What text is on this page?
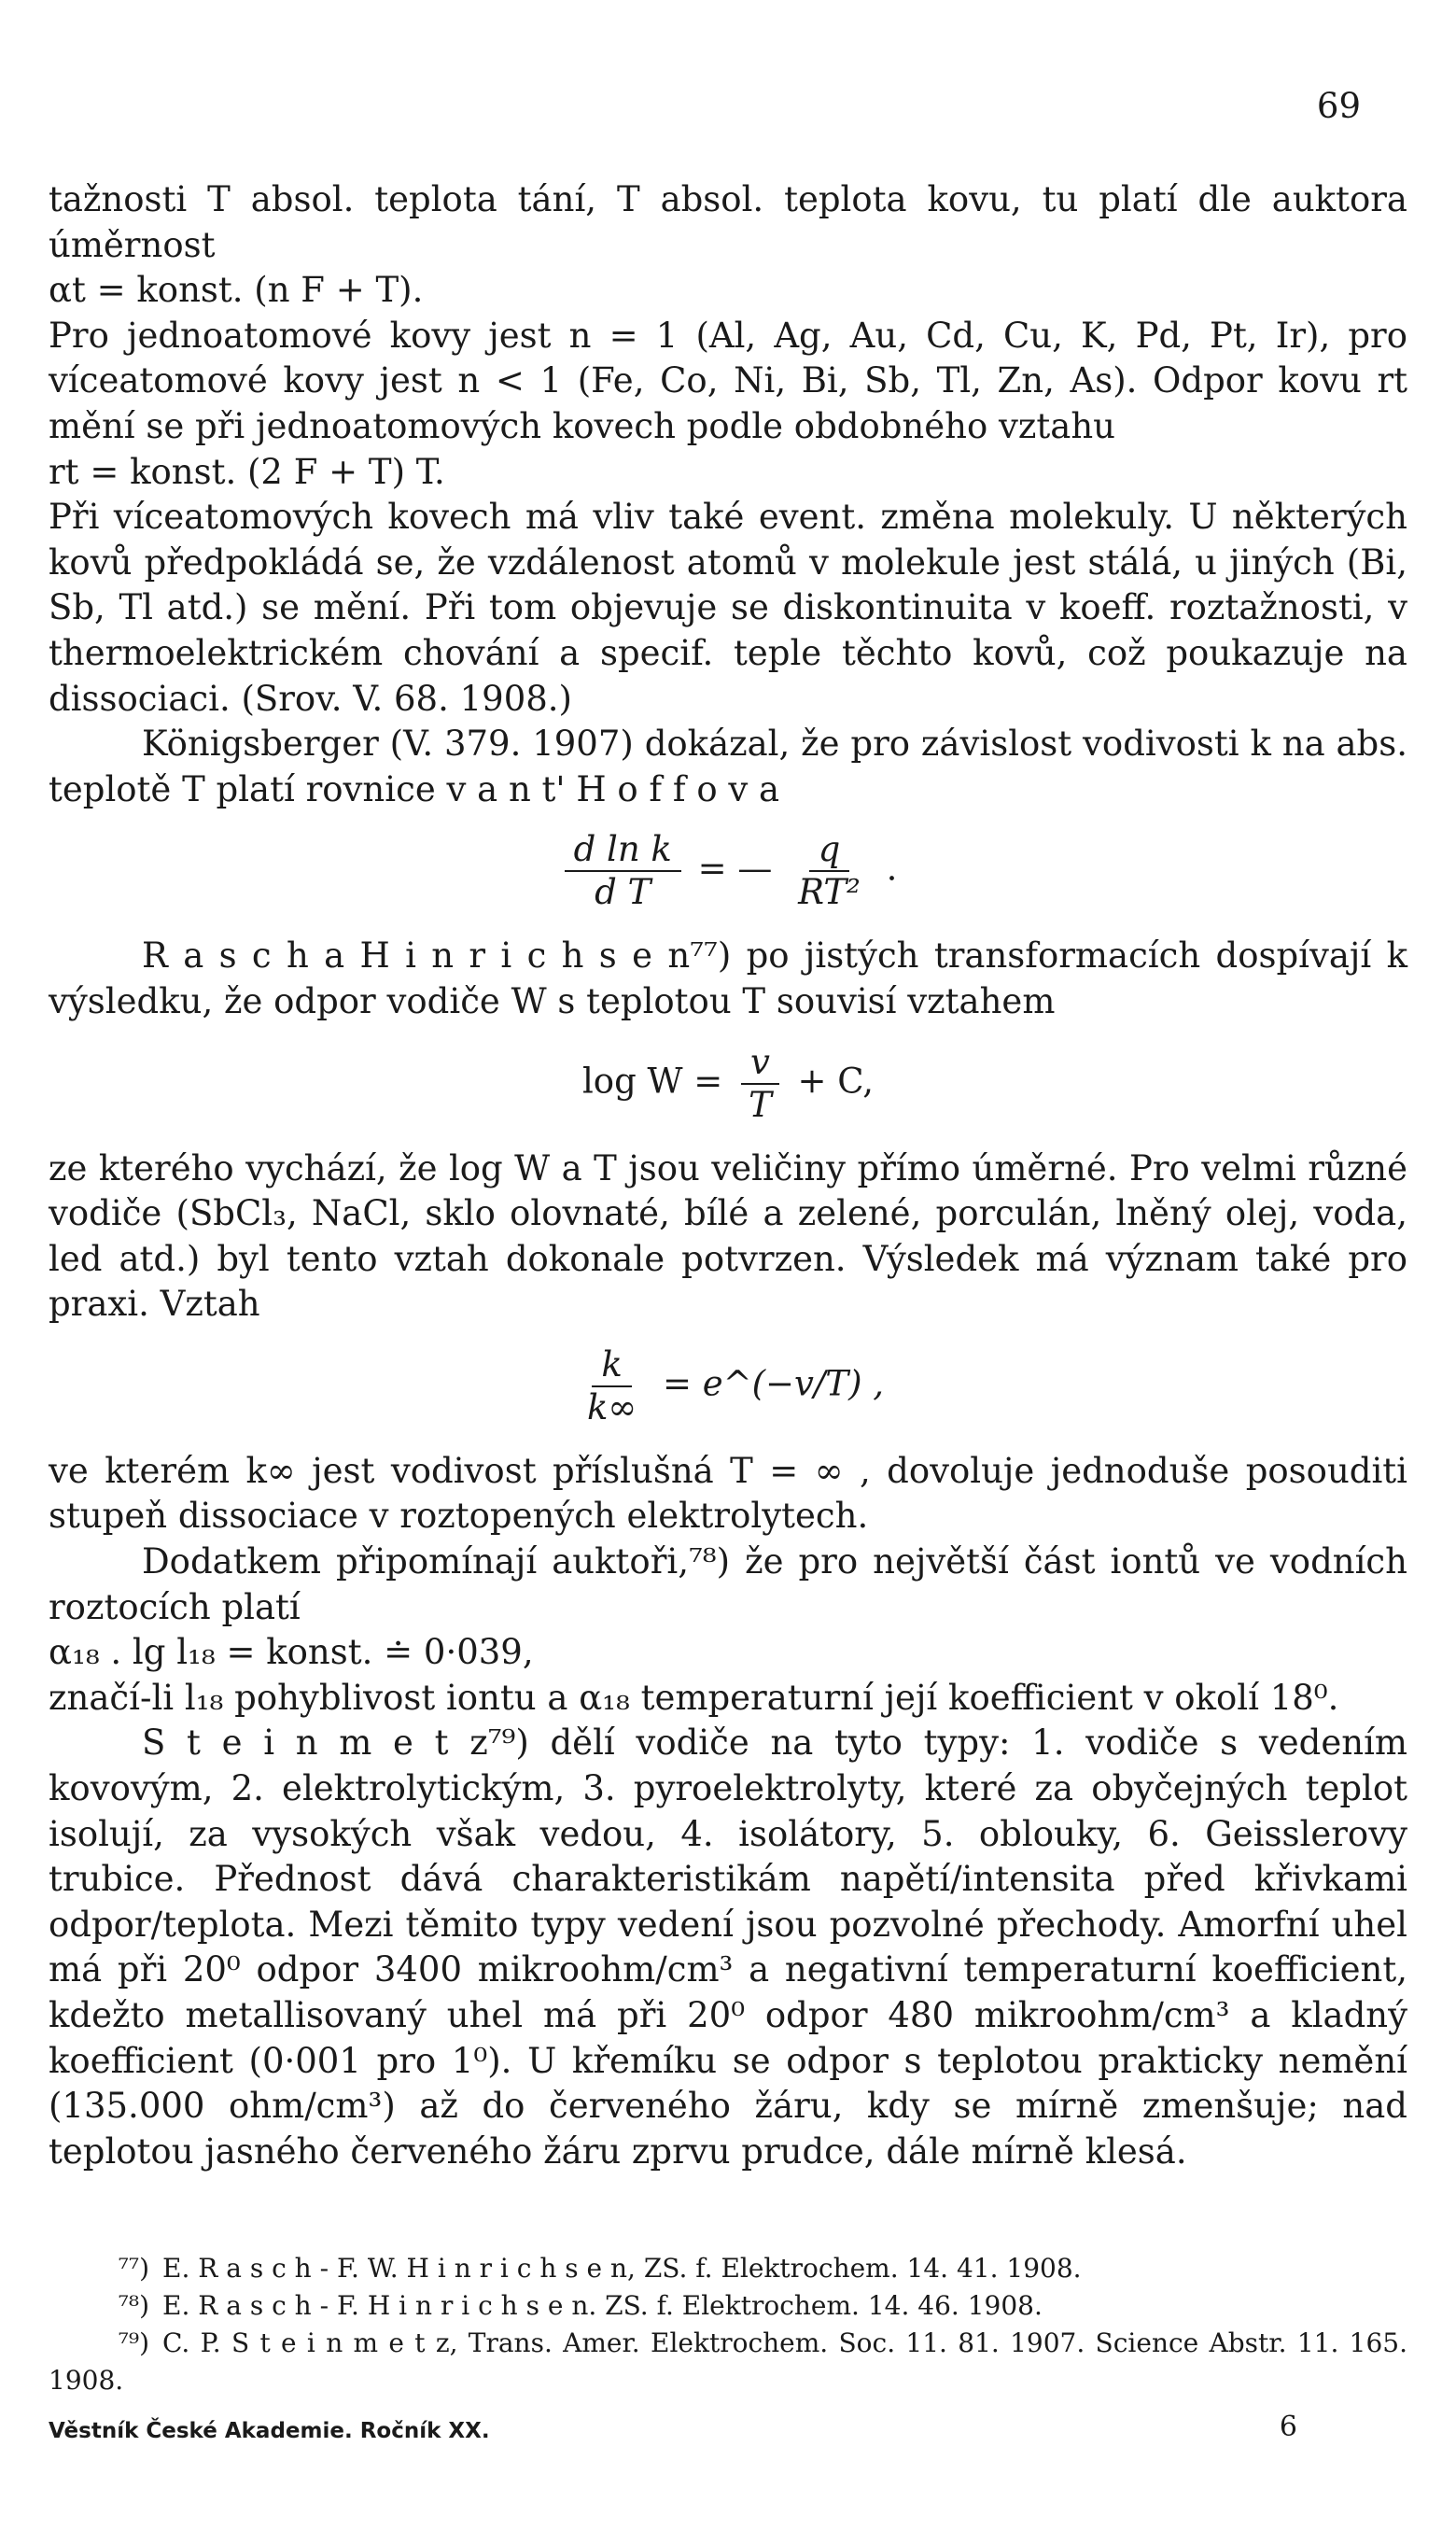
69

tažnosti T absol. teplota tání, T absol. teplota kovu, tu platí dle auktora úměrnost

αt = konst. (n F + T).

Pro jednoatomové kovy jest n = 1 (Al, Ag, Au, Cd, Cu, K, Pd, Pt, Ir), pro víceatomové kovy jest n < 1 (Fe, Co, Ni, Bi, Sb, Tl, Zn, As). Odpor kovu rt mění se při jednoatomových kovech podle obdobného vztahu

rt = konst. (2 F + T) T.

Při víceatomových kovech má vliv také event. změna molekuly. U některých kovů předpokládá se, že vzdálenost atomů v molekule jest stálá, u jiných (Bi, Sb, Tl atd.) se mění. Při tom objevuje se diskontinuita v koeff. roztažnosti, v thermoelektrickém chování a specif. teple těchto kovů, což poukazuje na dissociaci. (Srov. V. 68. 1908.)

Königsberger (V. 379. 1907) dokázal, že pro závislost vodivosti k na abs. teplotě T platí rovnice v a n t' H o f f o v a

$\frac{\text{d ln k}}{\text{d T}}$ = — $\frac{q}{\text{RT²}}$ .

R a s c h a H i n r i c h s e n⁷⁷) po jistých transformacích dospívají k výsledku, že odpor vodiče W s teplotou T souvisí vztahem

$\log W = \frac{v}{T} + C$,

ze kterého vychází, že log W a T jsou veličiny přímo úměrné. Pro velmi různé vodiče (SbCl₃, NaCl, sklo olovnaté, bílé a zelené, porculán, lněný olej, voda, led atd.) byl tento vztah dokonale potvrzen. Výsledek má význam také pro praxi. Vztah

$\frac{k}{k\infty}$ = e^(−v/T) ,

ve kterém k∞ jest vodivost příslušná T = ∞ , dovoluje jednoduše posouditi stupeň dissociace v roztopených elektrolytech.

Dodatkem připomínají auktoři,⁷⁸) že pro největší část iontů ve vodních roztocích platí

α₁₈ . lg l₁₈ = konst. ≐ 0·039,

značí-li l₁₈ pohyblivost iontu a α₁₈ temperaturní její koefficient v okolí 18⁰.

S t e i n m e t z⁷⁹) dělí vodiče na tyto typy: 1. vodiče s vedením kovovým, 2. elektrolytickým, 3. pyroelektrolyty, které za obyčejných teplot isolují, za vysokých však vedou, 4. isolátory, 5. oblouky, 6. Geisslerovy trubice. Přednost dává charakteristikám napětí/intensita před křivkami odpor/teplota. Mezi těmito typy vedení jsou pozvolné přechody. Amorfní uhel má při 20⁰ odpor 3400 mikroohm/cm³ a negativní temperaturní koefficient, kdežto metallisovaný uhel má při 20⁰ odpor 480 mikroohm/cm³ a kladný koefficient (0·001 pro 1⁰). U křemíku se odpor s teplotou prakticky nemění (135.000 ohm/cm³) až do červeného žáru, kdy se mírně zmenšuje; nad teplotou jasného červeného žáru zprvu prudce, dále mírně klesá.

⁷⁷) E. R a s c h - F. W. H i n r i c h s e n, ZS. f. Elektrochem. 14. 41. 1908.

⁷⁸) E. R a s c h - F. H i n r i c h s e n. ZS. f. Elektrochem. 14. 46. 1908.

⁷⁹) C. P. S t e i n m e t z, Trans. Amer. Elektrochem. Soc. 11. 81. 1907. Science Abstr. 11. 165. 1908.

Věstník České Akademie. Ročník XX.	6
